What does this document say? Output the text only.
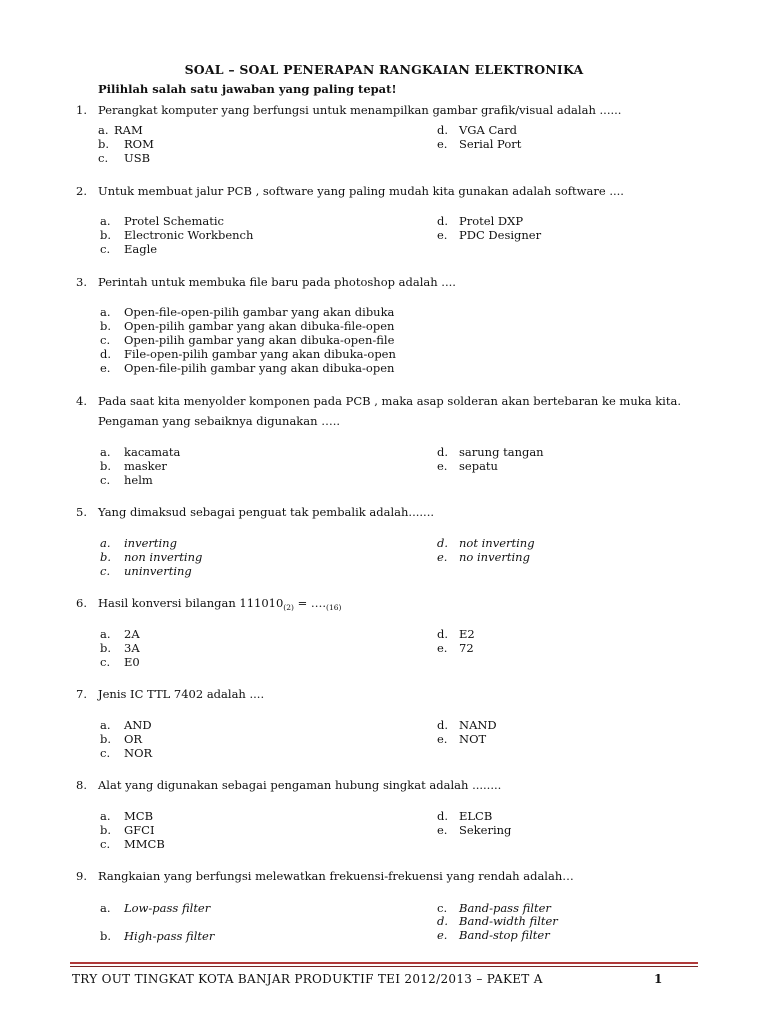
SOAL – SOAL PENERAPAN RANGKAIAN ELEKTRONIKA
Pilihlah salah satu jawaban yang paling tepat!
1. Perangkat komputer yang berfungsi untuk menampilkan gambar grafik/visual adalah ......
a. RAM
b. ROM
c. USB
d. VGA Card
e. Serial Port
2. Untuk membuat jalur PCB , software yang paling mudah kita gunakan adalah software ....
a. Protel Schematic
b. Electronic Workbench
c. Eagle
d. Protel DXP
e. PDC Designer
3. Perintah untuk membuka file baru pada photoshop adalah ....
a. Open-file-open-pilih gambar yang akan dibuka
b. Open-pilih gambar yang akan dibuka-file-open
c. Open-pilih gambar yang akan dibuka-open-file
d. File-open-pilih gambar yang akan dibuka-open
e. Open-file-pilih gambar yang akan dibuka-open
4. Pada saat kita menyolder komponen pada PCB , maka asap solderan akan bertebaran ke muka kita.
Pengaman yang sebaiknya digunakan …..
a. kacamata
b. masker
c. helm
d. sarung tangan
e. sepatu
5. Yang dimaksud sebagai penguat tak pembalik adalah.......
a. inverting
b. non inverting
c. uninverting
d. not inverting
e. no inverting
6. Hasil konversi bilangan $111010_{(2)}$ = $\dots._{(16)}$
a. 2A
b. 3A
c. E0
d. E2
e. 72
7. Jenis IC TTL 7402 adalah ....
a. AND
b. OR
c. NOR
d. NAND
e. NOT
8. Alat yang digunakan sebagai pengaman hubung singkat adalah ........
a. MCB
b. GFCI
c. MMCB
d. ELCB
e. Sekering
9. Rangkaian yang berfungsi melewatkan frekuensi-frekuensi yang rendah adalah…
a. Low-pass filter
b. High-pass filter
c. Band-pass filter
d. Band-width filter
e. Band-stop filter
TRY OUT TINGKAT KOTA BANJAR PRODUKTIF TEI 2012/2013 – PAKET A	1
